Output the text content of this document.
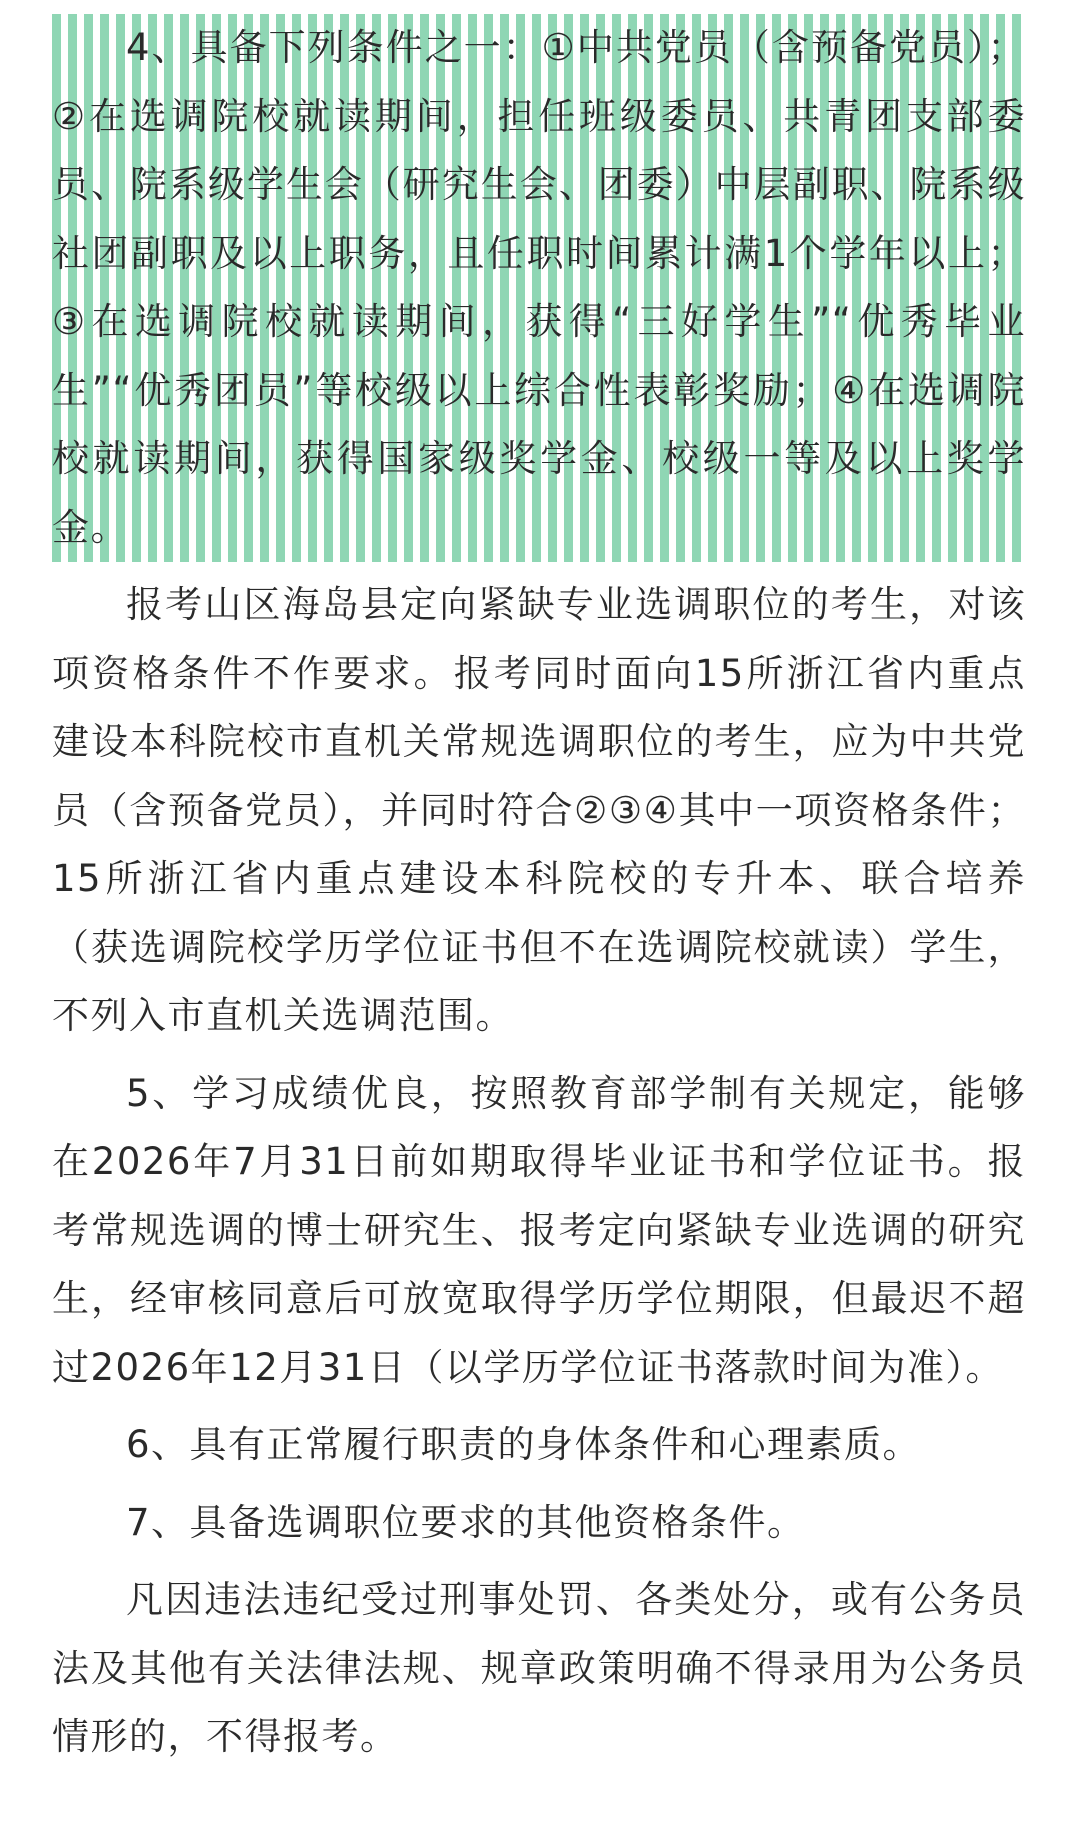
4、具备下列条件之一：①中共党员（含预备党员）；②在选调院校就读期间，担任班级委员、共青团支部委员、院系级学生会（研究生会、团委）中层副职、院系级社团副职及以上职务，且任职时间累计满1个学年以上；③在选调院校就读期间，获得“三好学生”“优秀毕业生”“优秀团员”等校级以上综合性表彰奖励；④在选调院校就读期间，获得国家级奖学金、校级一等及以上奖学金。

报考山区海岛县定向紧缺专业选调职位的考生，对该项资格条件不作要求。报考同时面向15所浙江省内重点建设本科院校市直机关常规选调职位的考生，应为中共党员（含预备党员），并同时符合②③④其中一项资格条件；15所浙江省内重点建设本科院校的专升本、联合培养（获选调院校学历学位证书但不在选调院校就读）学生，不列入市直机关选调范围。

5、学习成绩优良，按照教育部学制有关规定，能够在2026年7月31日前如期取得毕业证书和学位证书。报考常规选调的博士研究生、报考定向紧缺专业选调的研究生，经审核同意后可放宽取得学历学位期限，但最迟不超过2026年12月31日（以学历学位证书落款时间为准）。

6、具有正常履行职责的身体条件和心理素质。

7、具备选调职位要求的其他资格条件。

凡因违法违纪受过刑事处罚、各类处分，或有公务员法及其他有关法律法规、规章政策明确不得录用为公务员情形的，不得报考。
